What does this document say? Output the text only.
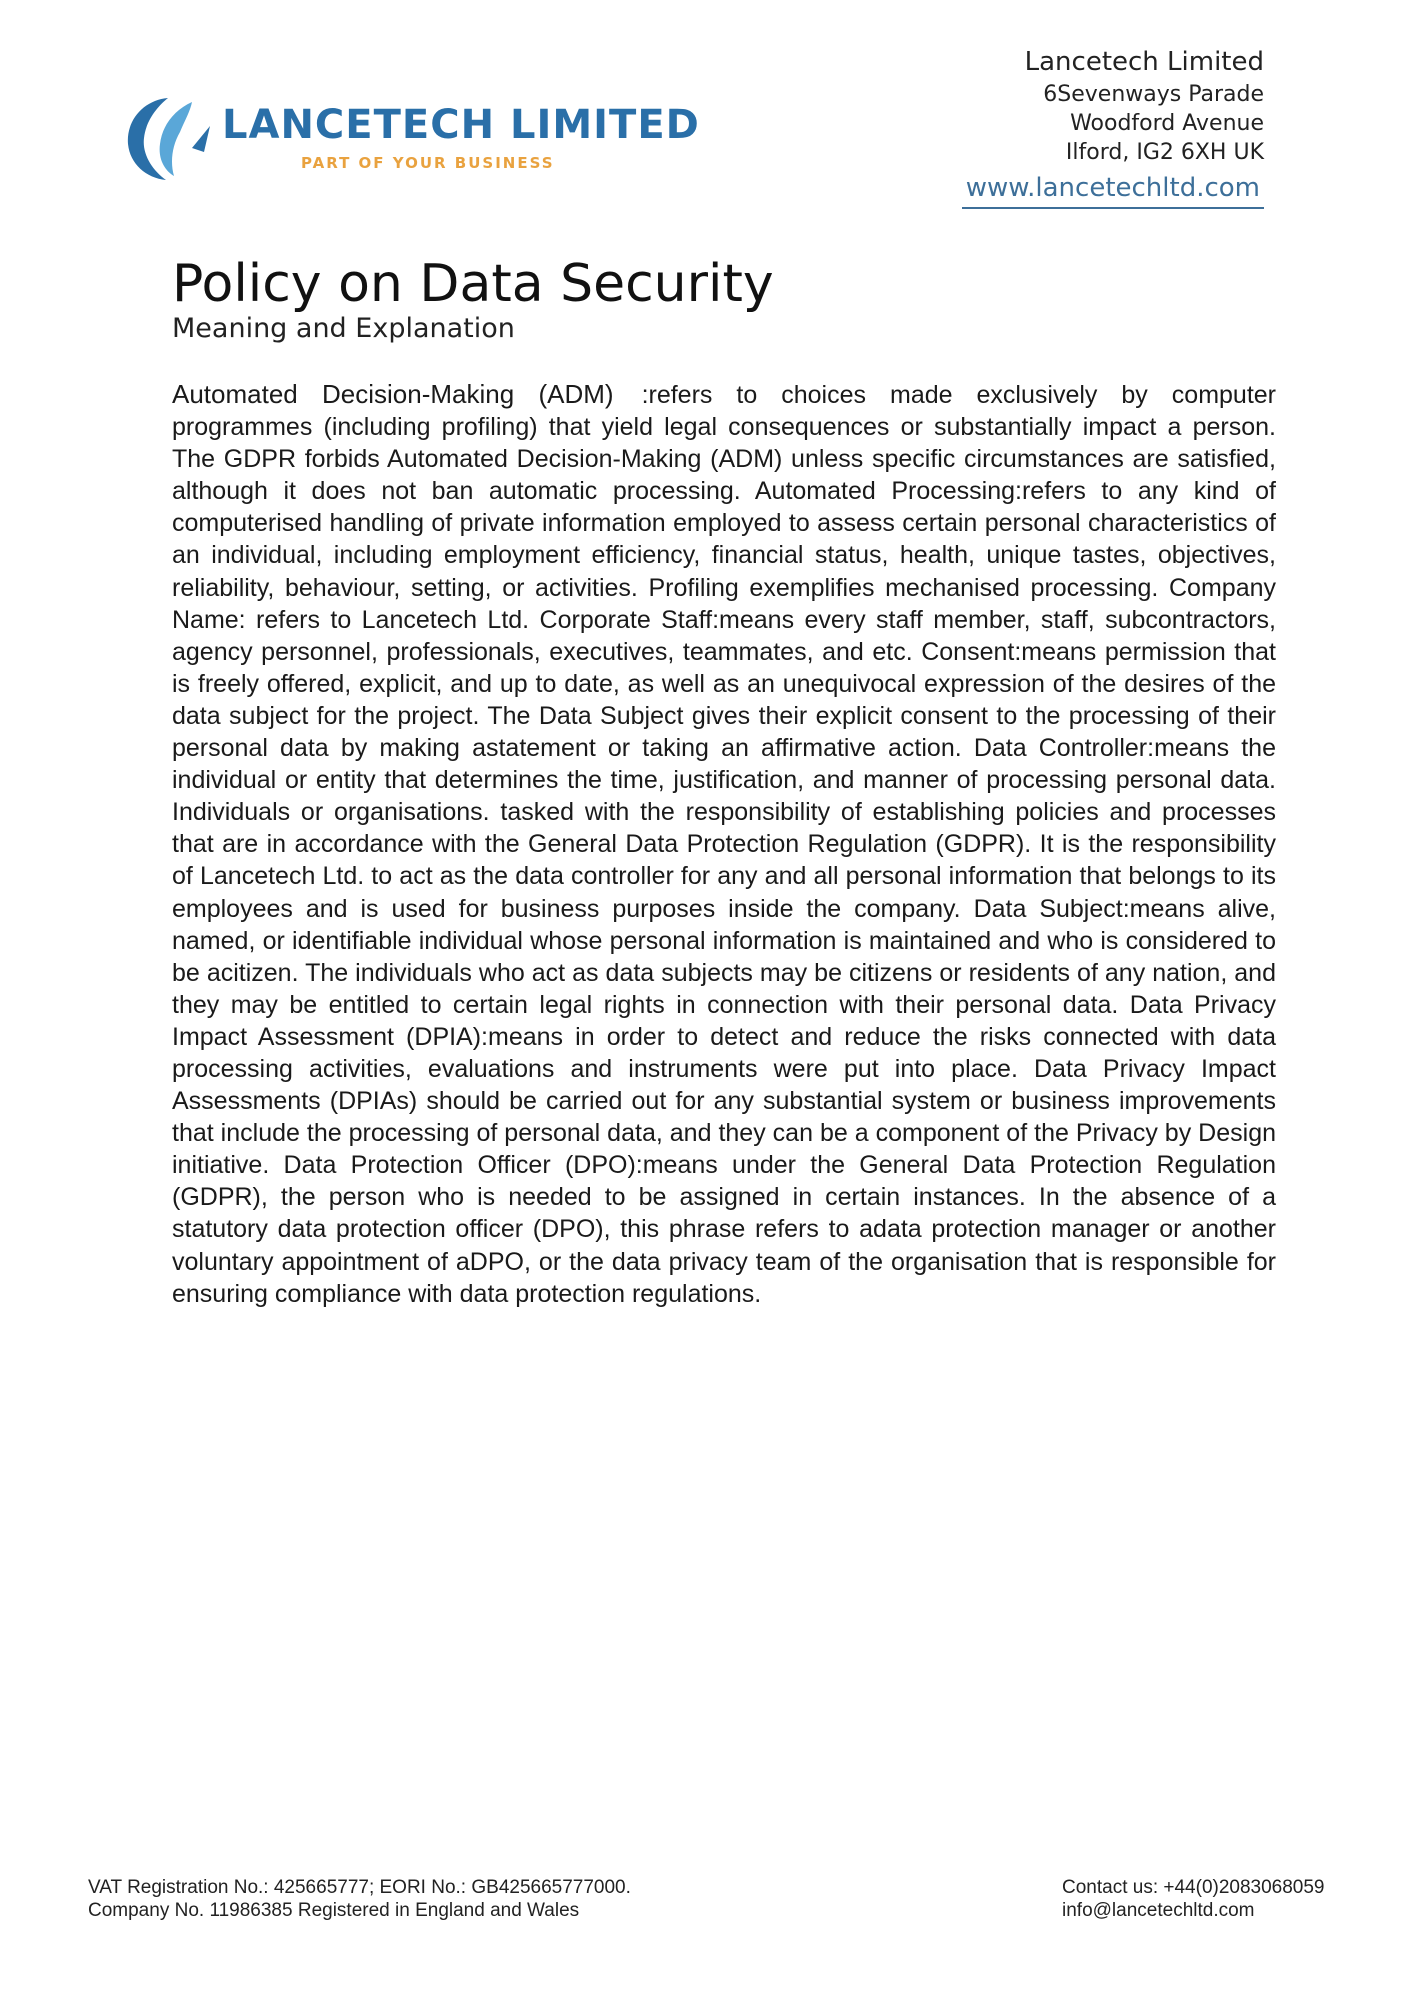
LANCETECH LIMITED
PART OF YOUR BUSINESS
Lancetech Limited
6Sevenways Parade
Woodford Avenue
Ilford, IG2 6XH UK
www.lancetechltd.com
Policy on Data Security
Meaning and Explanation

Automated Decision-Making (ADM) :refers to choices made exclusively by computer programmes (including profiling) that yield legal consequences or substantially impact a person. The GDPR forbids Automated Decision-Making (ADM) unless specific circumstances are satisfied, although it does not ban automatic processing. Automated Processing:refers to any kind of computerised handling of private information employed to assess certain personal characteristics of an individual, including employment efficiency, financial status, health, unique tastes, objectives, reliability, behaviour, setting, or activities. Profiling exemplifies mechanised processing. Company Name: refers to Lancetech Ltd. Corporate Staff:means every staff member, staff, subcontractors, agency personnel, professionals, executives, teammates, and etc. Consent:means permission that is freely offered, explicit, and up to date, as well as an unequivocal expression of the desires of the data subject for the project. The Data Subject gives their explicit consent to the processing of their personal data by making astatement or taking an affirmative action. Data Controller:means the individual or entity that determines the time, justification, and manner of processing personal data. Individuals or organisations. tasked with the responsibility of establishing policies and processes that are in accordance with the General Data Protection Regulation (GDPR). It is the responsibility of Lancetech Ltd. to act as the data controller for any and all personal information that belongs to its employees and is used for business purposes inside the company. Data Subject:means alive, named, or identifiable individual whose personal information is maintained and who is considered to be acitizen. The individuals who act as data subjects may be citizens or residents of any nation, and they may be entitled to certain legal rights in connection with their personal data. Data Privacy Impact Assessment (DPIA):means in order to detect and reduce the risks connected with data processing activities, evaluations and instruments were put into place. Data Privacy Impact Assessments (DPIAs) should be carried out for any substantial system or business improvements that include the processing of personal data, and they can be a component of the Privacy by Design initiative. Data Protection Officer (DPO):means under the General Data Protection Regulation (GDPR), the person who is needed to be assigned in certain instances. In the absence of a statutory data protection officer (DPO), this phrase refers to adata protection manager or another voluntary appointment of aDPO, or the data privacy team of the organisation that is responsible for ensuring compliance with data protection regulations.

VAT Registration No.: 425665777; EORI No.: GB425665777000.
Company No. 11986385 Registered in England and Wales
Contact us: +44(0)2083068059
info@lancetechltd.com
